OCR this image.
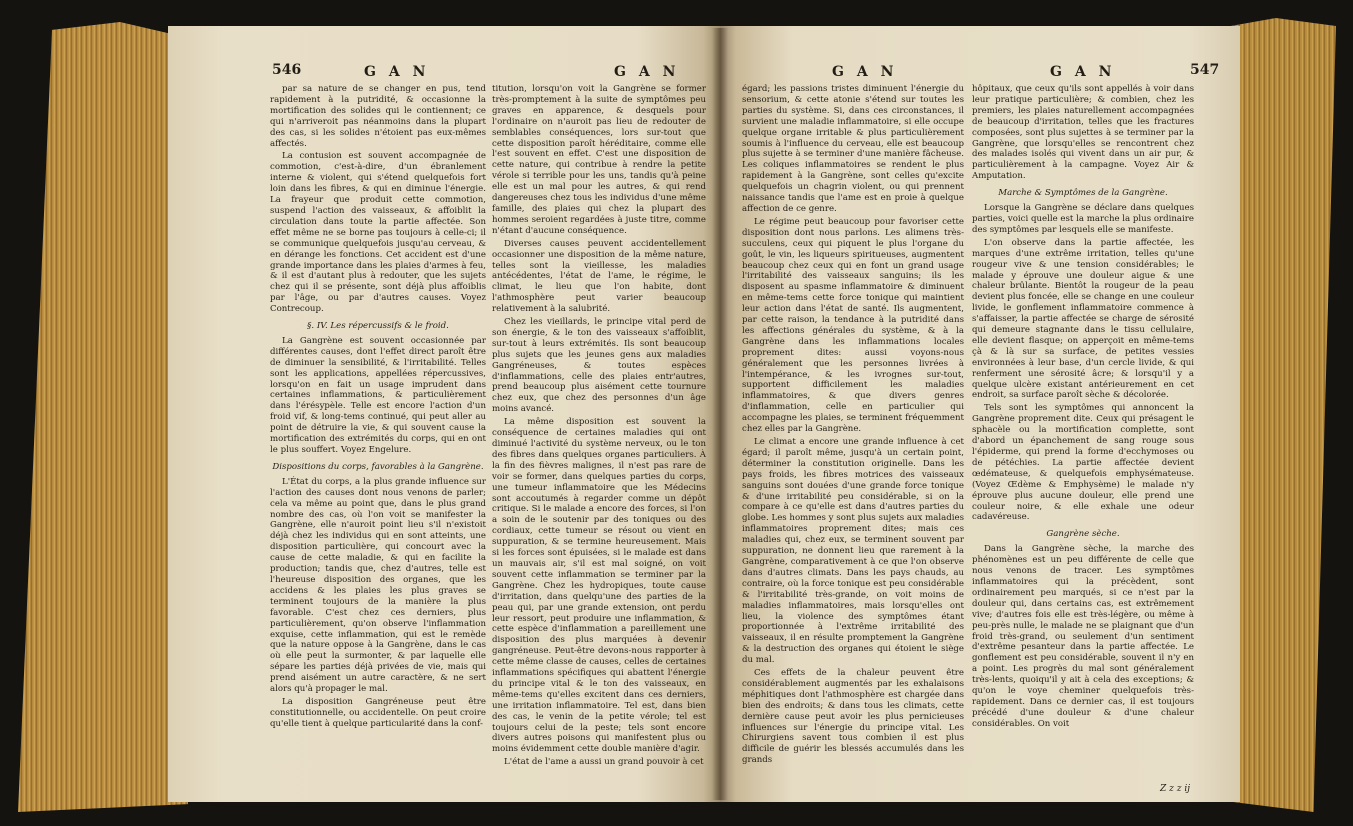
546	G A N	G A N

par sa nature de se changer en pus, tend rapidement à la putridité, & occasionne la mortification des solides qui le contiennent; ce qui n'arriveroit pas néanmoins dans la plupart des cas, si les solides n'étoient pas eux-mêmes affectés.

La contusion est souvent accompagnée de commotion, c'est-à-dire, d'un ébranlement interne & violent, qui s'étend quelquefois fort loin dans les fibres, & qui en diminue l'énergie. La frayeur que produit cette commotion, suspend l'action des vaisseaux, & affoiblit la circulation dans toute la partie affectée. Son effet même ne se borne pas toujours à celle-ci; il se communique quelquefois jusqu'au cerveau, & en dérange les fonctions. Cet accident est d'une grande importance dans les plaies d'armes à feu, & il est d'autant plus à redouter, que les sujets chez qui il se présente, sont déjà plus affoiblis par l'âge, ou par d'autres causes. Voyez Contrecoup.

§. IV. Les répercussifs & le froid.

La Gangrène est souvent occasionnée par différentes causes, dont l'effet direct paroît être de diminuer la sensibilité, & l'irritabilité. Telles sont les applications, appellées répercussives, lorsqu'on en fait un usage imprudent dans certaines inflammations, & particulièrement dans l'érésypèle. Telle est encore l'action d'un froid vif, & long-tems continué, qui peut aller au point de détruire la vie, & qui souvent cause la mortification des extrémités du corps, qui en ont le plus souffert. Voyez Engelure.

Dispositions du corps, favorables à la Gangrène.

L'État du corps, a la plus grande influence sur l'action des causes dont nous venons de parler; cela va même au point que, dans le plus grand nombre des cas, où l'on voit se manifester la Gangrène, elle n'auroit point lieu s'il n'existoit déjà chez les individus qui en sont atteints, une disposition particulière, qui concourt avec la cause de cette maladie, & qui en facilite la production; tandis que, chez d'autres, telle est l'heureuse disposition des organes, que les accidens & les plaies les plus graves se terminent toujours de la manière la plus favorable. C'est chez ces derniers, plus particulièrement, qu'on observe l'inflammation exquise, cette inflammation, qui est le remède que la nature oppose à la Gangrène, dans le cas où elle peut la surmonter, & par laquelle elle sépare les parties déjà privées de vie, mais qui prend aisément un autre caractère, & ne sert alors qu'à propager le mal.

La disposition Gangréneuse peut être constitutionnelle, ou accidentelle. On peut croire qu'elle tient à quelque particularité dans la conf-

titution, lorsqu'on voit la Gangrène se former très-promptement à la suite de symptômes peu graves en apparence, & desquels pour l'ordinaire on n'auroit pas lieu de redouter de semblables conséquences, lors sur-tout que cette disposition paroît héréditaire, comme elle l'est souvent en effet. C'est une disposition de cette nature, qui contribue à rendre la petite vérole si terrible pour les uns, tandis qu'à peine elle est un mal pour les autres, & qui rend dangereuses chez tous les individus d'une même famille, des plaies qui chez la plupart des hommes seroient regardées à juste titre, comme n'étant d'aucune conséquence.

Diverses causes peuvent accidentellement occasionner une disposition de la même nature, telles sont la vieillesse, les maladies antécédentes, l'état de l'ame, le régime, le climat, le lieu que l'on habite, dont l'athmosphère peut varier beaucoup relativement à la salubrité.

Chez les vieillards, le principe vital perd de son énergie, & le ton des vaisseaux s'affoiblit, sur-tout à leurs extrémités. Ils sont beaucoup plus sujets que les jeunes gens aux maladies Gangréneuses, & toutes espèces d'inflammations, celle des plaies entr'autres, prend beaucoup plus aisément cette tournure chez eux, que chez des personnes d'un âge moins avancé.

La même disposition est souvent la conséquence de certaines maladies qui ont diminué l'activité du système nerveux, ou le ton des fibres dans quelques organes particuliers. À la fin des fièvres malignes, il n'est pas rare de voir se former, dans quelques parties du corps, une tumeur inflammatoire que les Médecins sont accoutumés à regarder comme un dépôt critique. Si le malade a encore des forces, si l'on a soin de le soutenir par des toniques ou des cordiaux, cette tumeur se résout ou vient en suppuration, & se termine heureusement. Mais si les forces sont épuisées, si le malade est dans un mauvais air, s'il est mal soigné, on voit souvent cette inflammation se terminer par la Gangrène. Chez les hydropiques, toute cause d'irritation, dans quelqu'une des parties de la peau qui, par une grande extension, ont perdu leur ressort, peut produire une inflammation, & cette espèce d'inflammation a pareillement une disposition des plus marquées à devenir gangréneuse. Peut-être devons-nous rapporter à cette même classe de causes, celles de certaines inflammations spécifiques qui abattent l'énergie du principe vital & le ton des vaisseaux, en même-tems qu'elles excitent dans ces derniers, une irritation inflammatoire. Tel est, dans bien des cas, le venin de la petite vérole; tel est toujours celui de la peste; tels sont encore divers autres poisons qui manifestent plus ou moins évidemment cette double manière d'agir.

L'état de l'ame a aussi un grand pouvoir à cet

G A N	G A N	547

égard; les passions tristes diminuent l'énergie du sensorium, & cette atonie s'étend sur toutes les parties du système. Si, dans ces circonstances, il survient une maladie inflammatoire, si elle occupe quelque organe irritable & plus particulièrement soumis à l'influence du cerveau, elle est beaucoup plus sujette à se terminer d'une manière fâcheuse. Les coliques inflammatoires se rendent le plus rapidement à la Gangrène, sont celles qu'excite quelquefois un chagrin violent, ou qui prennent naissance tandis que l'ame est en proie à quelque affection de ce genre.

Le régime peut beaucoup pour favoriser cette disposition dont nous parlons. Les alimens très-succulens, ceux qui piquent le plus l'organe du goût, le vin, les liqueurs spiritueuses, augmentent beaucoup chez ceux qui en font un grand usage l'irritabilité des vaisseaux sanguins; ils les disposent au spasme inflammatoire & diminuent en même-tems cette force tonique qui maintient leur action dans l'état de santé. Ils augmentent, par cette raison, la tendance à la putridité dans les affections générales du système, & à la Gangrène dans les inflammations locales proprement dites: aussi voyons-nous généralement que les personnes livrées à l'intempérance, & les ivrognes sur-tout, supportent difficilement les maladies inflammatoires, & que divers genres d'inflammation, celle en particulier qui accompagne les plaies, se terminent fréquemment chez elles par la Gangrène.

Le climat a encore une grande influence à cet égard; il paroît même, jusqu'à un certain point, déterminer la constitution originelle. Dans les pays froids, les fibres motrices des vaisseaux sanguins sont douées d'une grande force tonique & d'une irritabilité peu considérable, si on la compare à ce qu'elle est dans d'autres parties du globe. Les hommes y sont plus sujets aux maladies inflammatoires proprement dites; mais ces maladies qui, chez eux, se terminent souvent par suppuration, ne donnent lieu que rarement à la Gangrène, comparativement à ce que l'on observe dans d'autres climats. Dans les pays chauds, au contraire, où la force tonique est peu considérable & l'irritabilité très-grande, on voit moins de maladies inflammatoires, mais lorsqu'elles ont lieu, la violence des symptômes étant proportionnée à l'extrême irritabilité des vaisseaux, il en résulte promptement la Gangrène & la destruction des organes qui étoient le siège du mal.

Ces effets de la chaleur peuvent être considérablement augmentés par les exhalaisons méphitiques dont l'athmosphère est chargée dans bien des endroits; & dans tous les climats, cette dernière cause peut avoir les plus pernicieuses influences sur l'énergie du principe vital. Les Chirurgiens savent tous combien il est plus difficile de guérir les blessés accumulés dans les grands

hôpitaux, que ceux qu'ils sont appellés à voir dans leur pratique particulière; & combien, chez les premiers, les plaies naturellement accompagnées de beaucoup d'irritation, telles que les fractures composées, sont plus sujettes à se terminer par la Gangrène, que lorsqu'elles se rencontrent chez des malades isolés qui vivent dans un air pur, & particulièrement à la campagne. Voyez Air & Amputation.

Marche & Symptômes de la Gangrène.

Lorsque la Gangrène se déclare dans quelques parties, voici quelle est la marche la plus ordinaire des symptômes par lesquels elle se manifeste.

L'on observe dans la partie affectée, les marques d'une extrême irritation, telles qu'une rougeur vive & une tension considérables; le malade y éprouve une douleur aigue & une chaleur brûlante. Bientôt la rougeur de la peau devient plus foncée, elle se change en une couleur livide, le gonflement inflammatoire commence à s'affaisser, la partie affectée se charge de sérosité qui demeure stagnante dans le tissu cellulaire, elle devient flasque; on apperçoit en même-tems çà & là sur sa surface, de petites vessies environnées à leur base, d'un cercle livide, & qui renferment une sérosité âcre; & lorsqu'il y a quelque ulcère existant antérieurement en cet endroit, sa surface paroît sèche & décolorée.

Tels sont les symptômes qui annoncent la Gangrène proprement dite. Ceux qui présagent le sphacèle ou la mortification complette, sont d'abord un épanchement de sang rouge sous l'épiderme, qui prend la forme d'ecchymoses ou de pétéchies. La partie affectée devient œdémateuse, & quelquefois emphysémateuse. (Voyez Œdème & Emphysème) le malade n'y éprouve plus aucune douleur, elle prend une couleur noire, & elle exhale une odeur cadavéreuse.

Gangrène sèche.

Dans la Gangrène sèche, la marche des phénomènes est un peu différente de celle que nous venons de tracer. Les symptômes inflammatoires qui la précèdent, sont ordinairement peu marqués, si ce n'est par la douleur qui, dans certains cas, est extrêmement vive; d'autres fois elle est très-légère, ou même à peu-près nulle, le malade ne se plaignant que d'un froid très-grand, ou seulement d'un sentiment d'extrême pesanteur dans la partie affectée. Le gonflement est peu considérable, souvent il n'y en a point. Les progrès du mal sont généralement très-lents, quoiqu'il y ait à cela des exceptions; & qu'on le voye cheminer quelquefois très-rapidement. Dans ce dernier cas, il est toujours précédé d'une douleur & d'une chaleur considérables. On voit

Z z z ij
